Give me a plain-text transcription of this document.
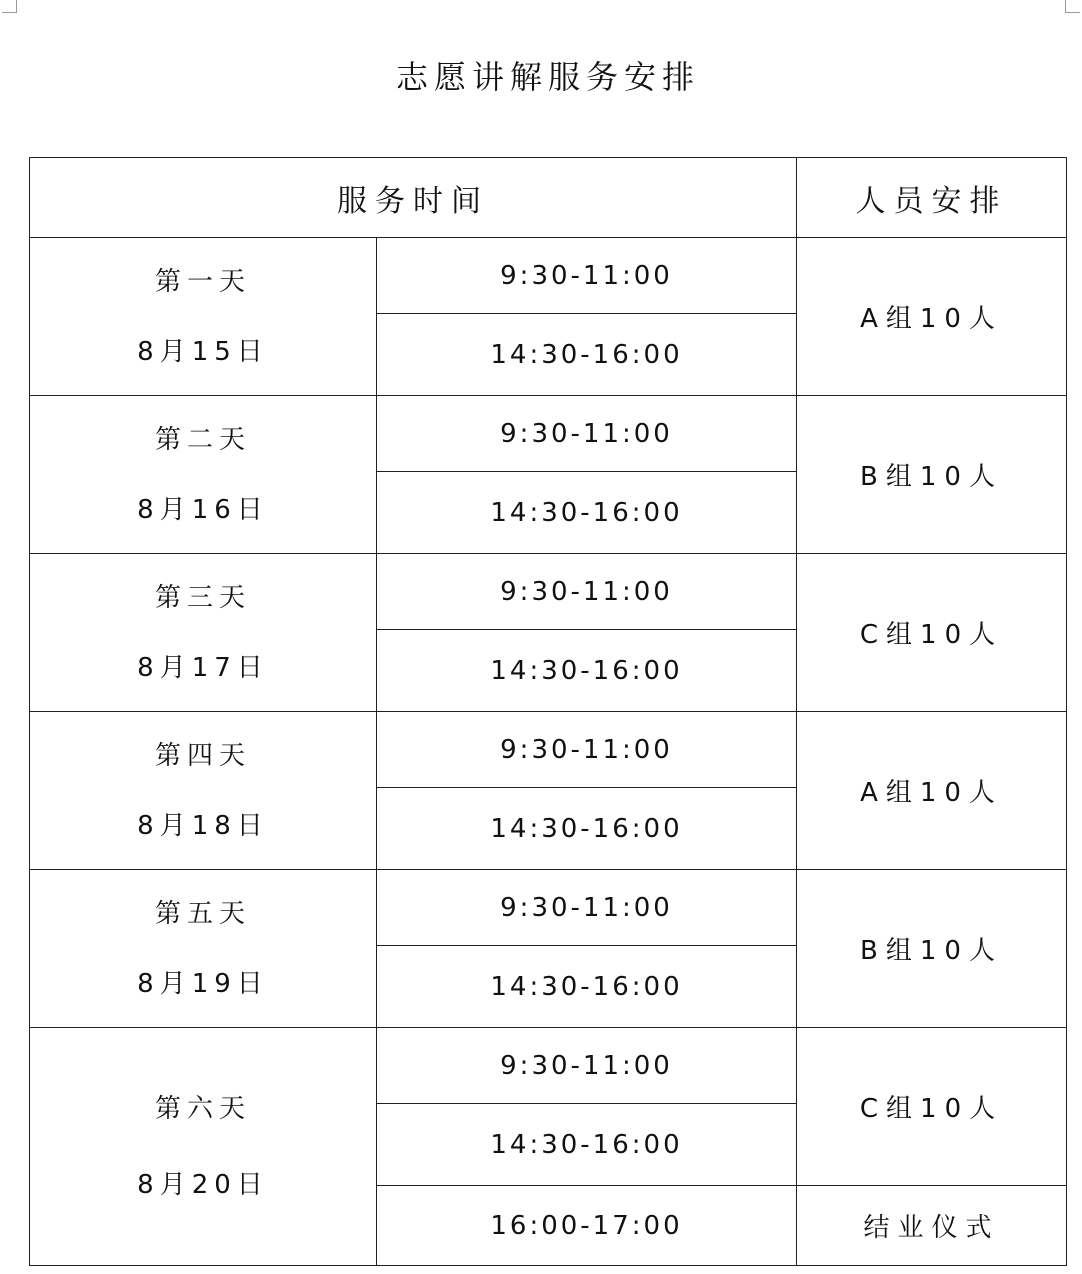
志愿讲解服务安排
服务时间		人员安排

第一天
8月15日	9:30-11:00	A组10人
	14:30-16:00	

第二天
8月16日	9:30-11:00	B组10人
	14:30-16:00	

第三天
8月17日	9:30-11:00	C组10人
	14:30-16:00	

第四天
8月18日	9:30-11:00	A组10人
	14:30-16:00	

第五天
8月19日	9:30-11:00	B组10人
	14:30-16:00	

第六天
8月20日	9:30-11:00	C组10人
	14:30-16:00	
	16:00-17:00	结业仪式
